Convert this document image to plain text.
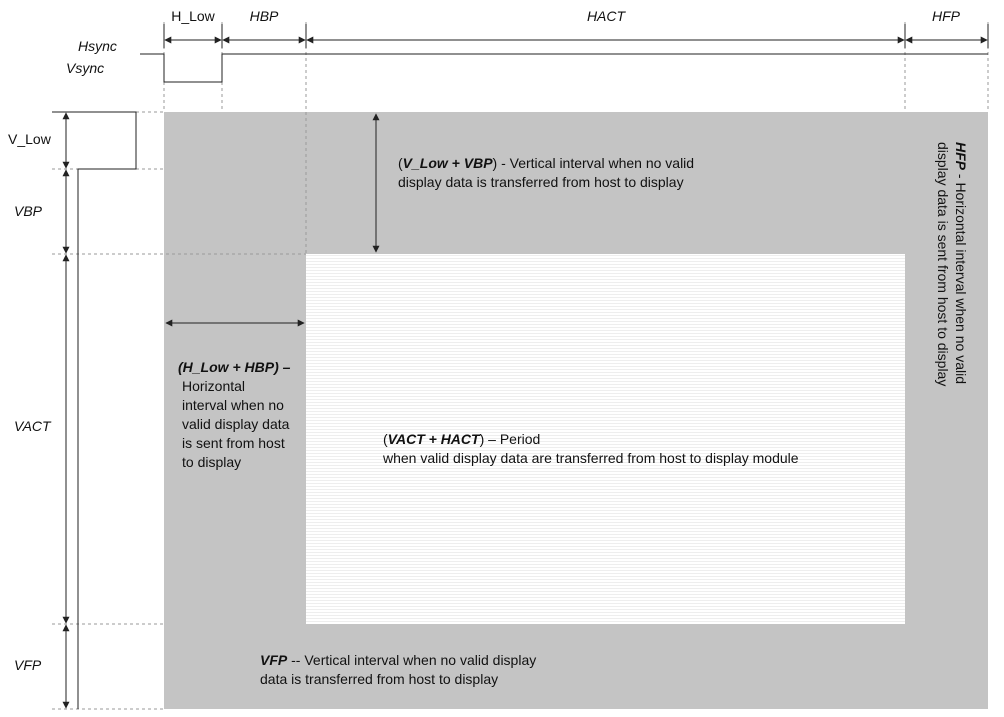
H_Low HBP	HACT	HFP
Hsync
Vsync
V_Low
VBP
VACT
VFP
HFP - Horizontal interval when no valid
display data is sent from host to display
(V_Low + VBP) - Vertical interval when no valid
display data is transferred from host to display
(H_Low + HBP) –
Horizontal
interval when no
valid display data
is sent from host
to display
(VACT + HACT) – Period
when valid display data are transferred from host to display module
VFP -- Vertical interval when no valid display
data is transferred from host to display
